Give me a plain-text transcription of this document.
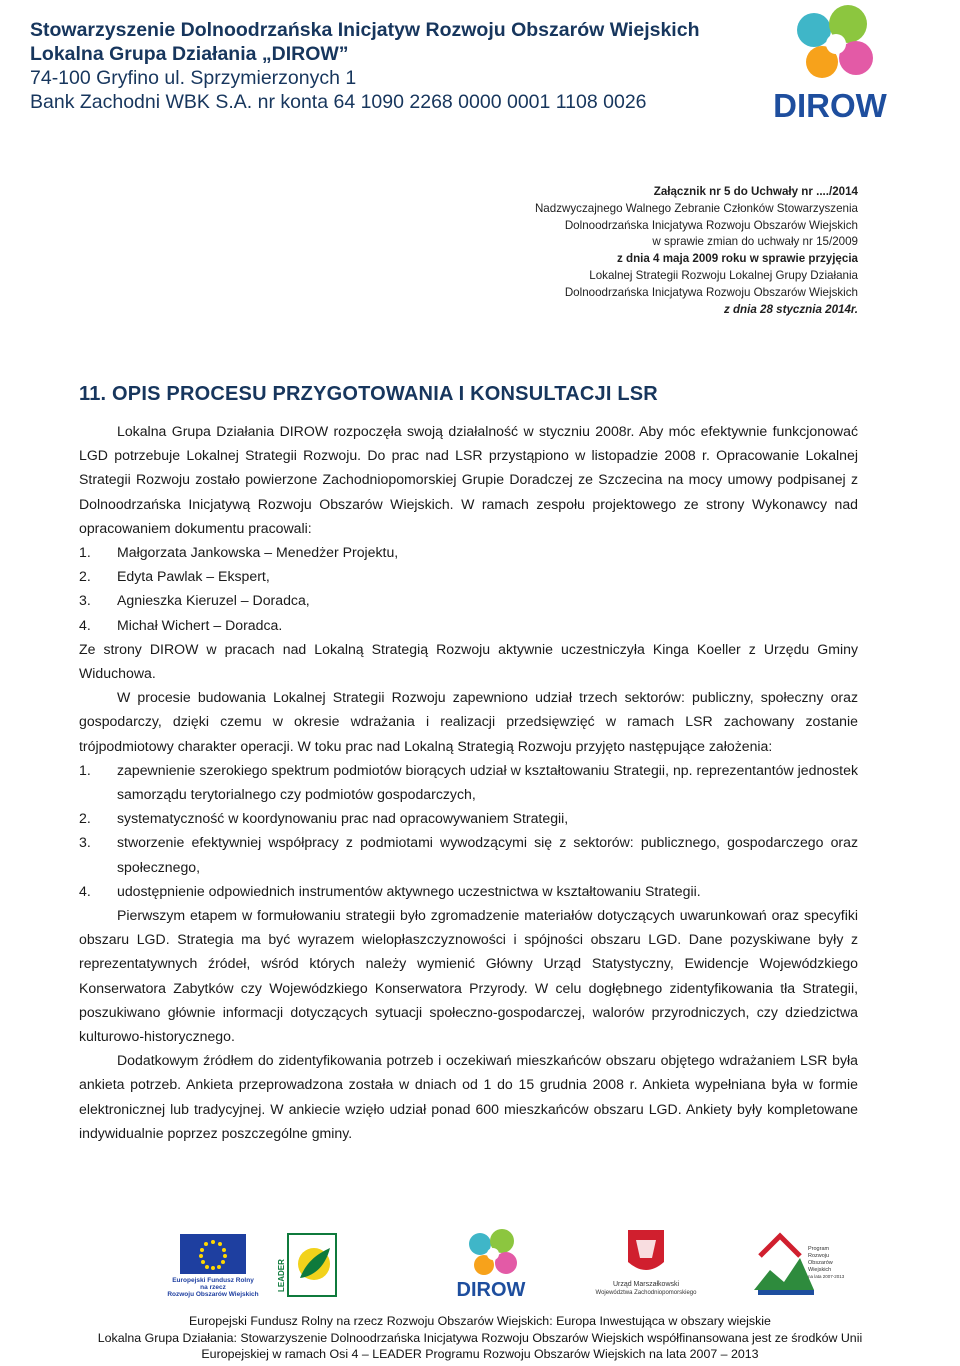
Stowarzyszenie Dolnoodrzańska Inicjatyw Rozwoju Obszarów Wiejskich
Lokalna Grupa Działania „DIROW”
74-100 Gryfino ul. Sprzymierzonych 1
Bank Zachodni WBK S.A. nr konta 64 1090 2268 0000 0001 1108 0026	DIROW
Załącznik nr 5 do Uchwały nr ..../2014
Nadzwyczajnego Walnego Zebranie Członków Stowarzyszenia
Dolnoodrzańska Inicjatywa Rozwoju Obszarów Wiejskich
w sprawie zmian do uchwały nr 15/2009
z dnia 4 maja 2009 roku w sprawie przyjęcia
Lokalnej Strategii Rozwoju Lokalnej Grupy Działania
Dolnoodrzańska Inicjatywa Rozwoju Obszarów Wiejskich
z dnia 28 stycznia 2014r.
11. OPIS PROCESU PRZYGOTOWANIA I KONSULTACJI LSR

Lokalna Grupa Działania DIROW rozpoczęła swoją działalność w styczniu 2008r. Aby móc efektywnie funkcjonować LGD potrzebuje Lokalnej Strategii Rozwoju. Do prac nad LSR przystąpiono w listopadzie 2008 r. Opracowanie Lokalnej Strategii Rozwoju zostało powierzone Zachodniopomorskiej Grupie Doradczej ze Szczecina na mocy umowy podpisanej z Dolnoodrzańska Inicjatywą Rozwoju Obszarów Wiejskich. W ramach zespołu projektowego ze strony Wykonawcy nad opracowaniem dokumentu pracowali:

1.	Małgorzata Jankowska – Menedżer Projektu,
2.	Edyta Pawlak – Ekspert,
3.	Agnieszka Kieruzel – Doradca,
4.	Michał Wichert – Doradca.

Ze strony DIROW w pracach nad Lokalną Strategią Rozwoju aktywnie uczestniczyła Kinga Koeller z Urzędu Gminy Widuchowa.

W procesie budowania Lokalnej Strategii Rozwoju zapewniono udział trzech sektorów: publiczny, społeczny oraz gospodarczy, dzięki czemu w okresie wdrażania i realizacji przedsięwzięć w ramach LSR zachowany zostanie trójpodmiotowy charakter operacji. W toku prac nad Lokalną Strategią Rozwoju przyjęto następujące założenia:

1.	zapewnienie szerokiego spektrum podmiotów biorących udział w kształtowaniu Strategii, np. reprezentantów jednostek samorządu terytorialnego czy podmiotów gospodarczych,
2.	systematyczność w koordynowaniu prac nad opracowywaniem Strategii,
3.	stworzenie efektywniej współpracy z podmiotami wywodzącymi się z sektorów: publicznego, gospodarczego oraz społecznego,
4.	udostępnienie odpowiednich instrumentów aktywnego uczestnictwa w kształtowaniu Strategii.

Pierwszym etapem w formułowaniu strategii było zgromadzenie materiałów dotyczących uwarunkowań oraz specyfiki obszaru LGD. Strategia ma być wyrazem wielopłaszczyznowości i spójności obszaru LGD. Dane pozyskiwane były z reprezentatywnych źródeł, wśród których należy wymienić Główny Urząd Statystyczny, Ewidencje Wojewódzkiego Konserwatora Zabytków czy Wojewódzkiego Konserwatora Przyrody. W celu dogłębnego zidentyfikowania tła Strategii, poszukiwano głównie informacji dotyczących sytuacji społeczno-gospodarczej, walorów przyrodniczych, czy dziedzictwa kulturowo-historycznego.

Dodatkowym źródłem do zidentyfikowania potrzeb i oczekiwań mieszkańców obszaru objętego wdrażaniem LSR była ankieta potrzeb. Ankieta przeprowadzona została w dniach od 1 do 15 grudnia 2008 r. Ankieta wypełniana była w formie elektronicznej lub tradycyjnej. W ankiecie wzięło udział ponad 600 mieszkańców obszaru LGD. Ankiety były kompletowane indywidualnie poprzez poszczególne gminy.

Europejski Fundusz Rolny
na rzecz
Rozwoju Obszarów Wiejskich
LEADER	DIROW	Urząd Marszałkowski
Województwa Zachodniopomorskiego
Program
Rozwoju
Obszarów
Wiejskich
na lata 2007-2013
Europejski Fundusz Rolny na rzecz Rozwoju Obszarów Wiejskich: Europa Inwestująca w obszary wiejskie
Lokalna Grupa Działania: Stowarzyszenie Dolnoodrzańska Inicjatywa Rozwoju Obszarów Wiejskich współfinansowana jest ze środków Unii
Europejskiej w ramach Osi 4 – LEADER Programu Rozwoju Obszarów Wiejskich na lata 2007 – 2013
